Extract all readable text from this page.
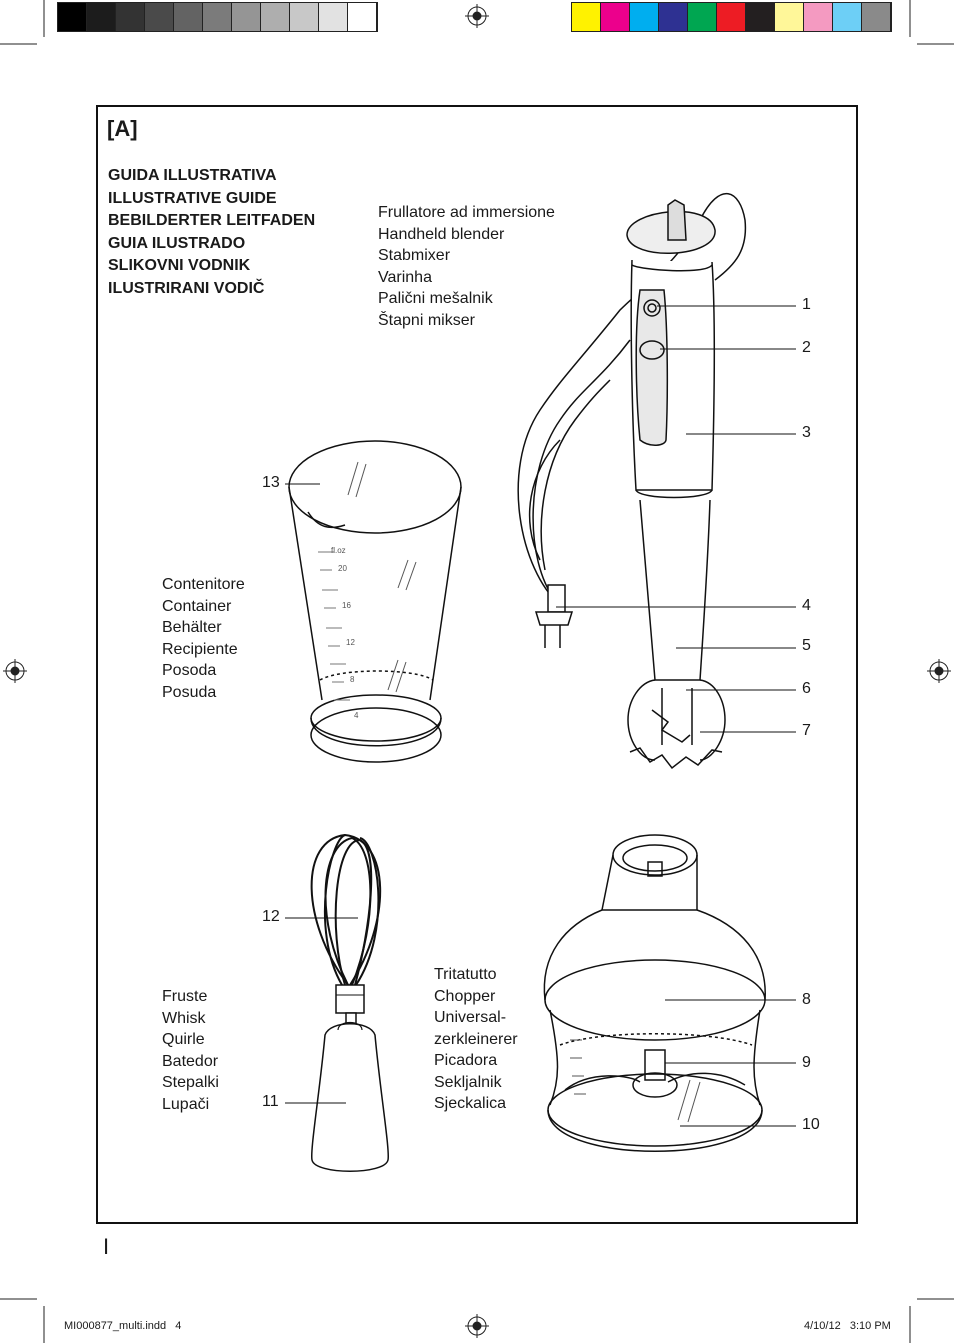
[A]
GUIDA ILLUSTRATIVA
ILLUSTRATIVE GUIDE
BEBILDERTER LEITFADEN
GUIA ILUSTRADO
SLIKOVNI VODNIK
ILUSTRIRANI VODIČ
Frullatore ad immersione
Handheld blender
Stabmixer
Varinha
Palični mešalnik
Štapni mikser
Contenitore
Container
Behälter
Recipiente
Posoda
Posuda
Fruste
Whisk
Quirle
Batedor
Stepalki
Lupači
Tritatutto
Chopper
Universal-
zerkleinerer
Picadora
Sekljalnik
Sjeckalica
1
2
3
4
5
6
7
8
9
10
11
12
13
fl.oz
20
16
12
8
4
I
MI000877_multi.indd   4	4/10/12   3:10 PM
